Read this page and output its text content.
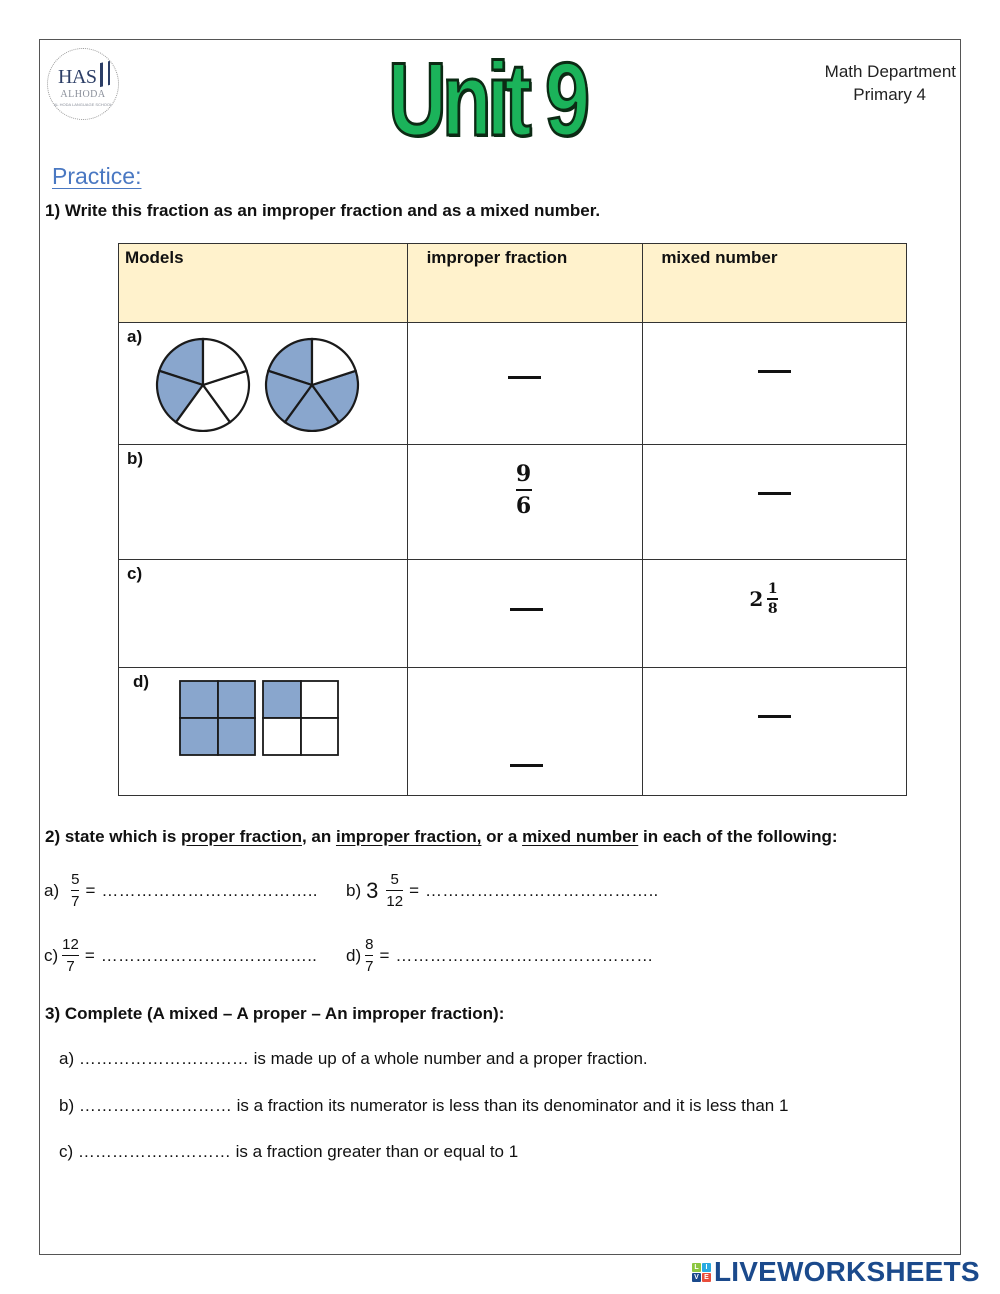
HAS
ALHODA
AL HODA LANGUAGE SCHOOL	Unit 9	Math Department
Primary 4
Practice:
1) Write this fraction as an improper fraction and as a mixed number.
Models	improper fraction	mixed number

a)		

b)	9
6	

c)		$2 \frac{1}{8}$

d)		

2) state which is proper fraction, an improper fraction, or a mixed number in each of the following:
a)
5
7
= ……………………………….. b) 3 5
12
= …………………………………..
c)
12
7
= ……………………………….. d)
8
7
= ………………………………………
3) Complete (A mixed – A proper – An improper fraction):
a) ………………………… is made up of a whole number and a proper fraction.
b) ……………………… is a fraction its numerator is less than its denominator and it is less than 1
c) ……………………… is a fraction greater than or equal to 1
L I
V E LIVEWORKSHEETS
